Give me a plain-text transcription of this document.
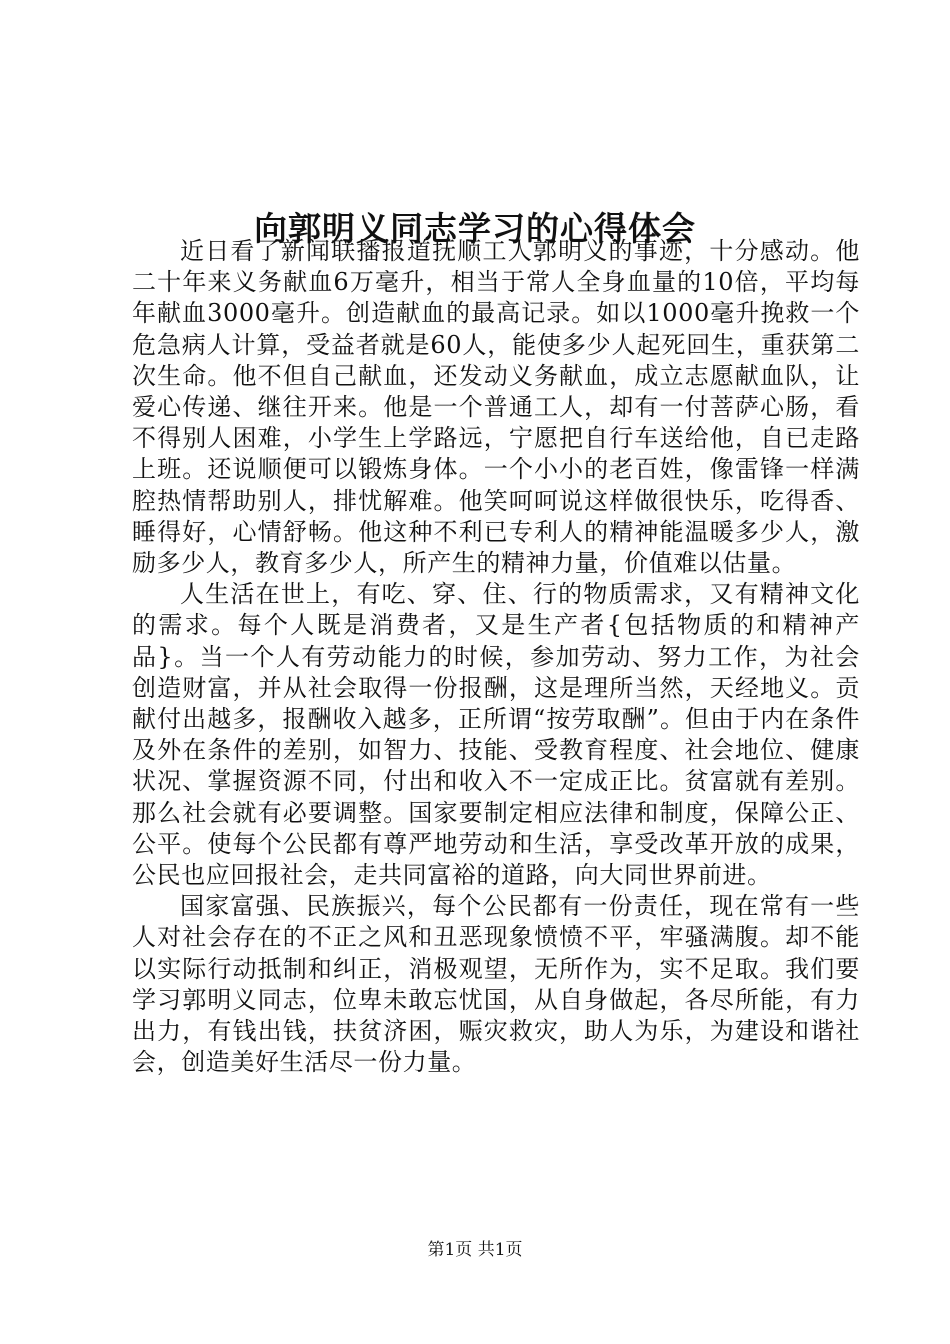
向郭明义同志学习的心得体会

近日看了新闻联播报道抚顺工人郭明义的事迹，十分感动。他二十年来义务献血6万毫升，相当于常人全身血量的10倍，平均每年献血3000毫升。创造献血的最高记录。如以1000毫升挽救一个危急病人计算，受益者就是60人，能使多少人起死回生，重获第二次生命。他不但自己献血，还发动义务献血，成立志愿献血队，让爱心传递、继往开来。他是一个普通工人，却有一付菩萨心肠，看不得别人困难，小学生上学路远，宁愿把自行车送给他，自已走路上班。还说顺便可以锻炼身体。一个小小的老百姓，像雷锋一样满腔热情帮助别人，排忧解难。他笑呵呵说这样做很快乐，吃得香、睡得好，心情舒畅。他这种不利已专利人的精神能温暖多少人，激励多少人，教育多少人，所产生的精神力量，价值难以估量。

人生活在世上，有吃、穿、住、行的物质需求，又有精神文化的需求。每个人既是消费者，又是生产者{包括物质的和精神产品}。当一个人有劳动能力的时候，参加劳动、努力工作，为社会创造财富，并从社会取得一份报酬，这是理所当然，天经地义。贡献付出越多，报酬收入越多，正所谓“按劳取酬”。但由于内在条件及外在条件的差别，如智力、技能、受教育程度、社会地位、健康状况、掌握资源不同，付出和收入不一定成正比。贫富就有差别。那么社会就有必要调整。国家要制定相应法律和制度，保障公正、公平。使每个公民都有尊严地劳动和生活，享受改革开放的成果，公民也应回报社会，走共同富裕的道路，向大同世界前进。

国家富强、民族振兴，每个公民都有一份责任，现在常有一些人对社会存在的不正之风和丑恶现象愤愤不平，牢骚满腹。却不能以实际行动抵制和纠正，消极观望，无所作为，实不足取。我们要学习郭明义同志，位卑未敢忘忧国，从自身做起，各尽所能，有力出力，有钱出钱，扶贫济困，赈灾救灾，助人为乐，为建设和谐社会，创造美好生活尽一份力量。

第1页 共1页
